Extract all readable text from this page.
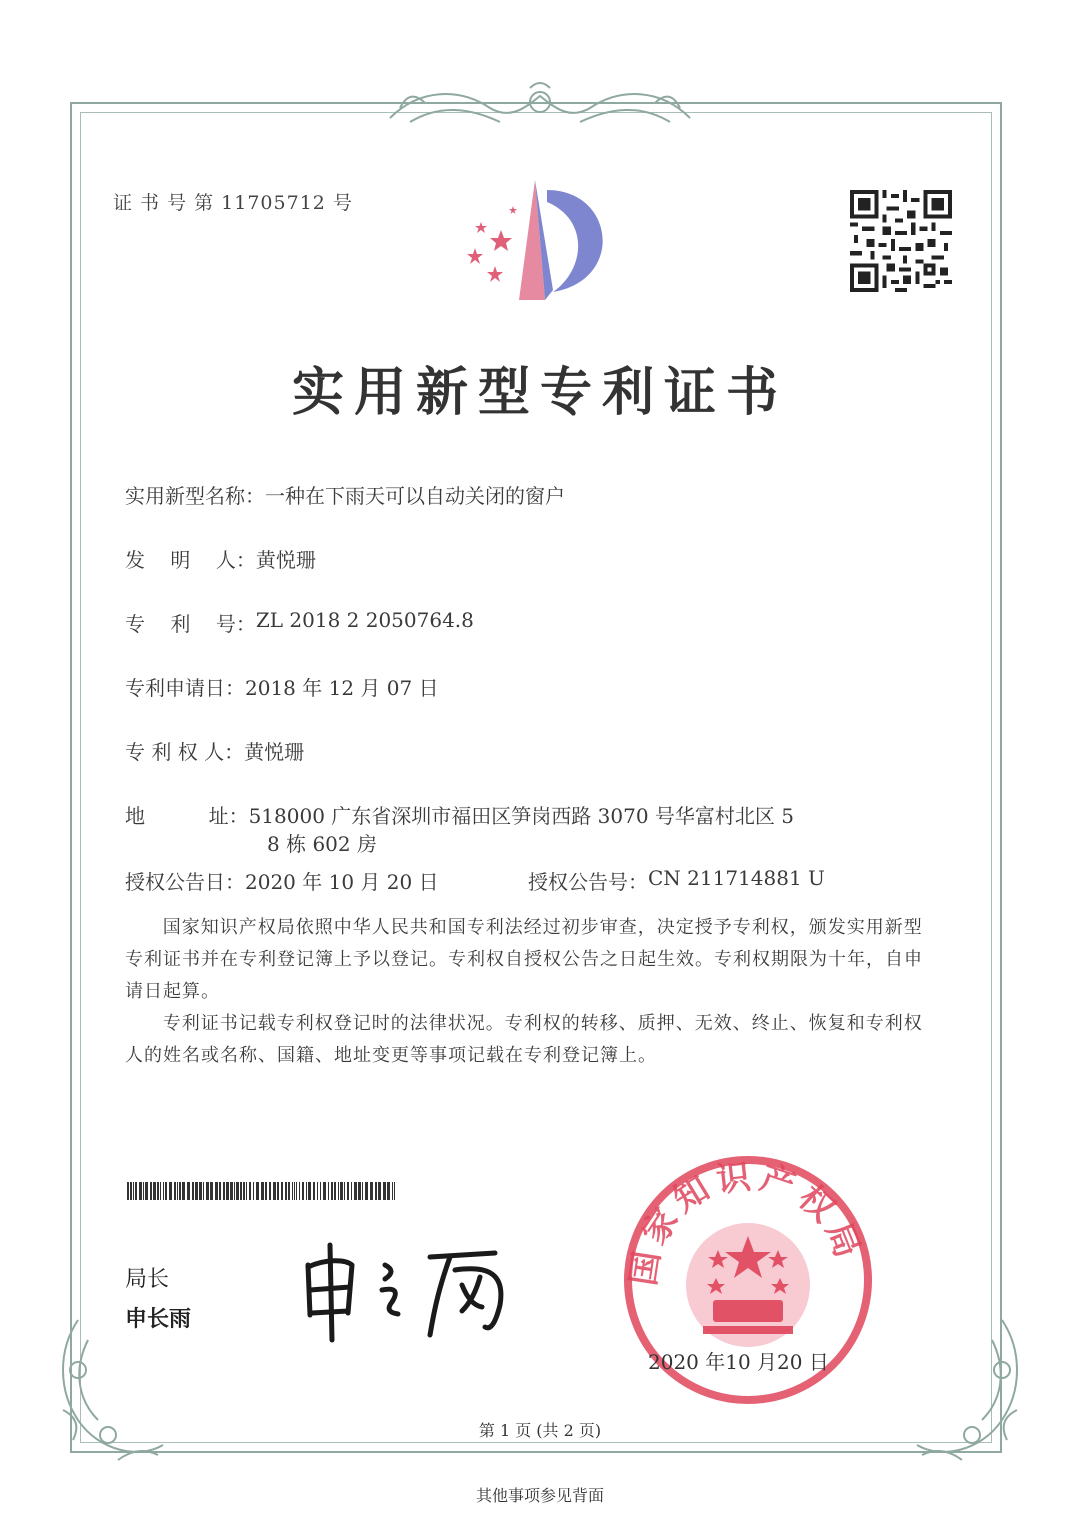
证 书 号 第 11705712 号
实用新型专利证书
实用新型名称： 一种在下雨天可以自动关闭的窗户
发    明    人： 黄悦珊
专    利    号： ZL 2018 2 2050764.8
专利申请日： 2018 年 12 月 07 日
专 利 权 人： 黄悦珊
地          址：518000 广东省深圳市福田区笋岗西路 3070 号华富村北区 5
8 栋 602 房
授权公告日： 2020 年 10 月 20 日	授权公告号： CN 211714881 U
国家知识产权局依照中华人民共和国专利法经过初步审查，决定授予专利权，颁发实用新型专利证书并在专利登记簿上予以登记。专利权自授权公告之日起生效。专利权期限为十年，自申请日起算。
专利证书记载专利权登记时的法律状况。专利权的转移、质押、无效、终止、恢复和专利权人的姓名或名称、国籍、地址变更等事项记载在专利登记簿上。
局长
申长雨
国家知识产权局
2020 年10 月20 日
第 1 页 (共 2 页)
其他事项参见背面
